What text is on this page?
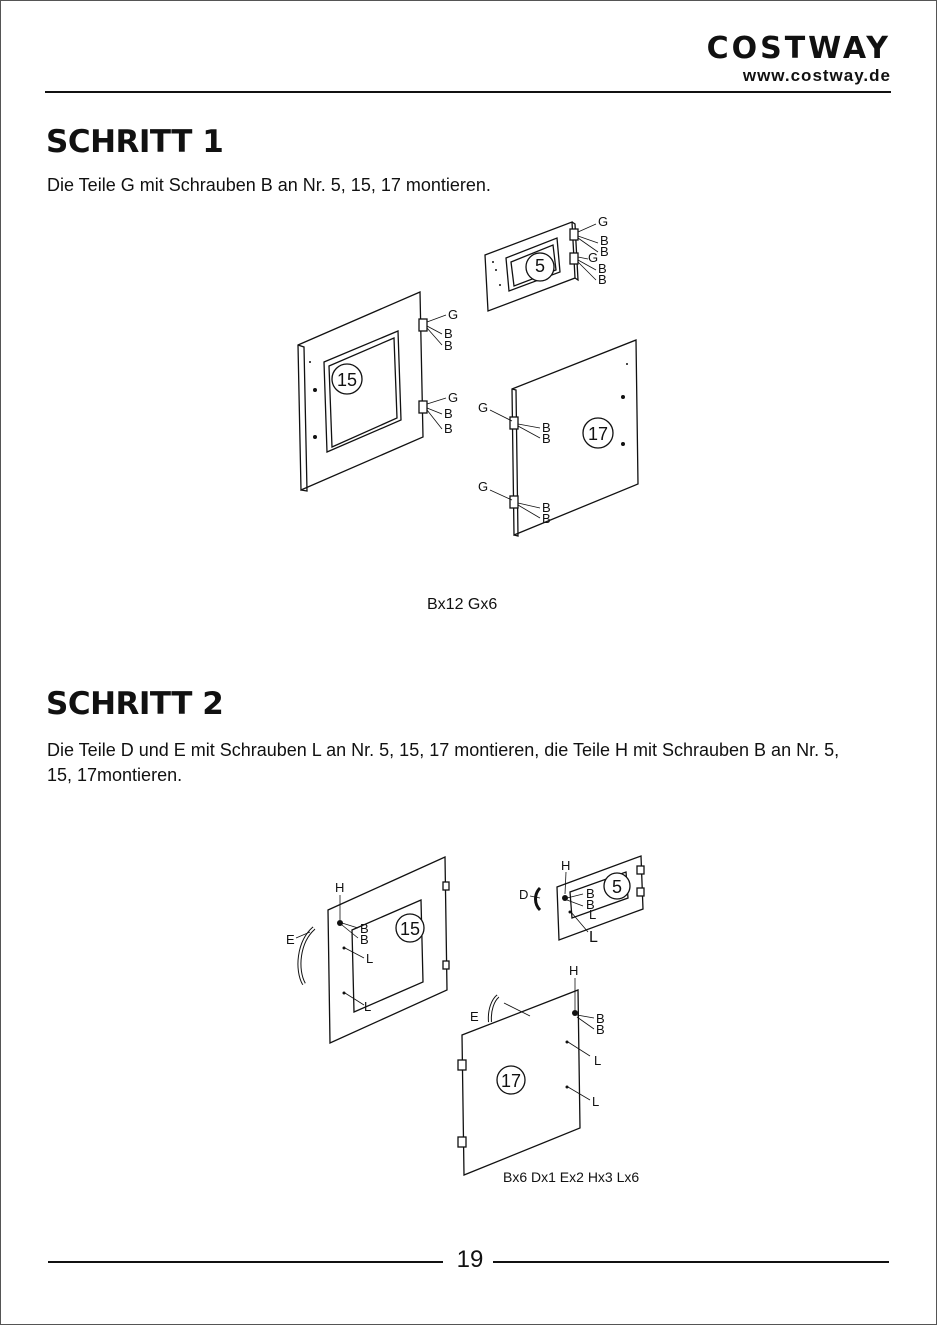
COSTWAY
www.costway.de
SCHRITT 1
Die Teile G mit Schrauben B an Nr. 5, 15, 17 montieren.
5
15
17
G
B
B
G
B
B
G
B
B
G
B
B
G
B
B
G
B
B
Bx12 Gx6
SCHRITT 2
Die Teile D und E mit Schrauben L an Nr. 5, 15, 17 montieren, die Teile H mit Schrauben B an Nr. 5, 15, 17montieren.
15
5
17
H
B
B
L
L
E
H
B
B
L
L
D
H
B
B
L
L
E
Bx6 Dx1 Ex2 Hx3 Lx6
19
